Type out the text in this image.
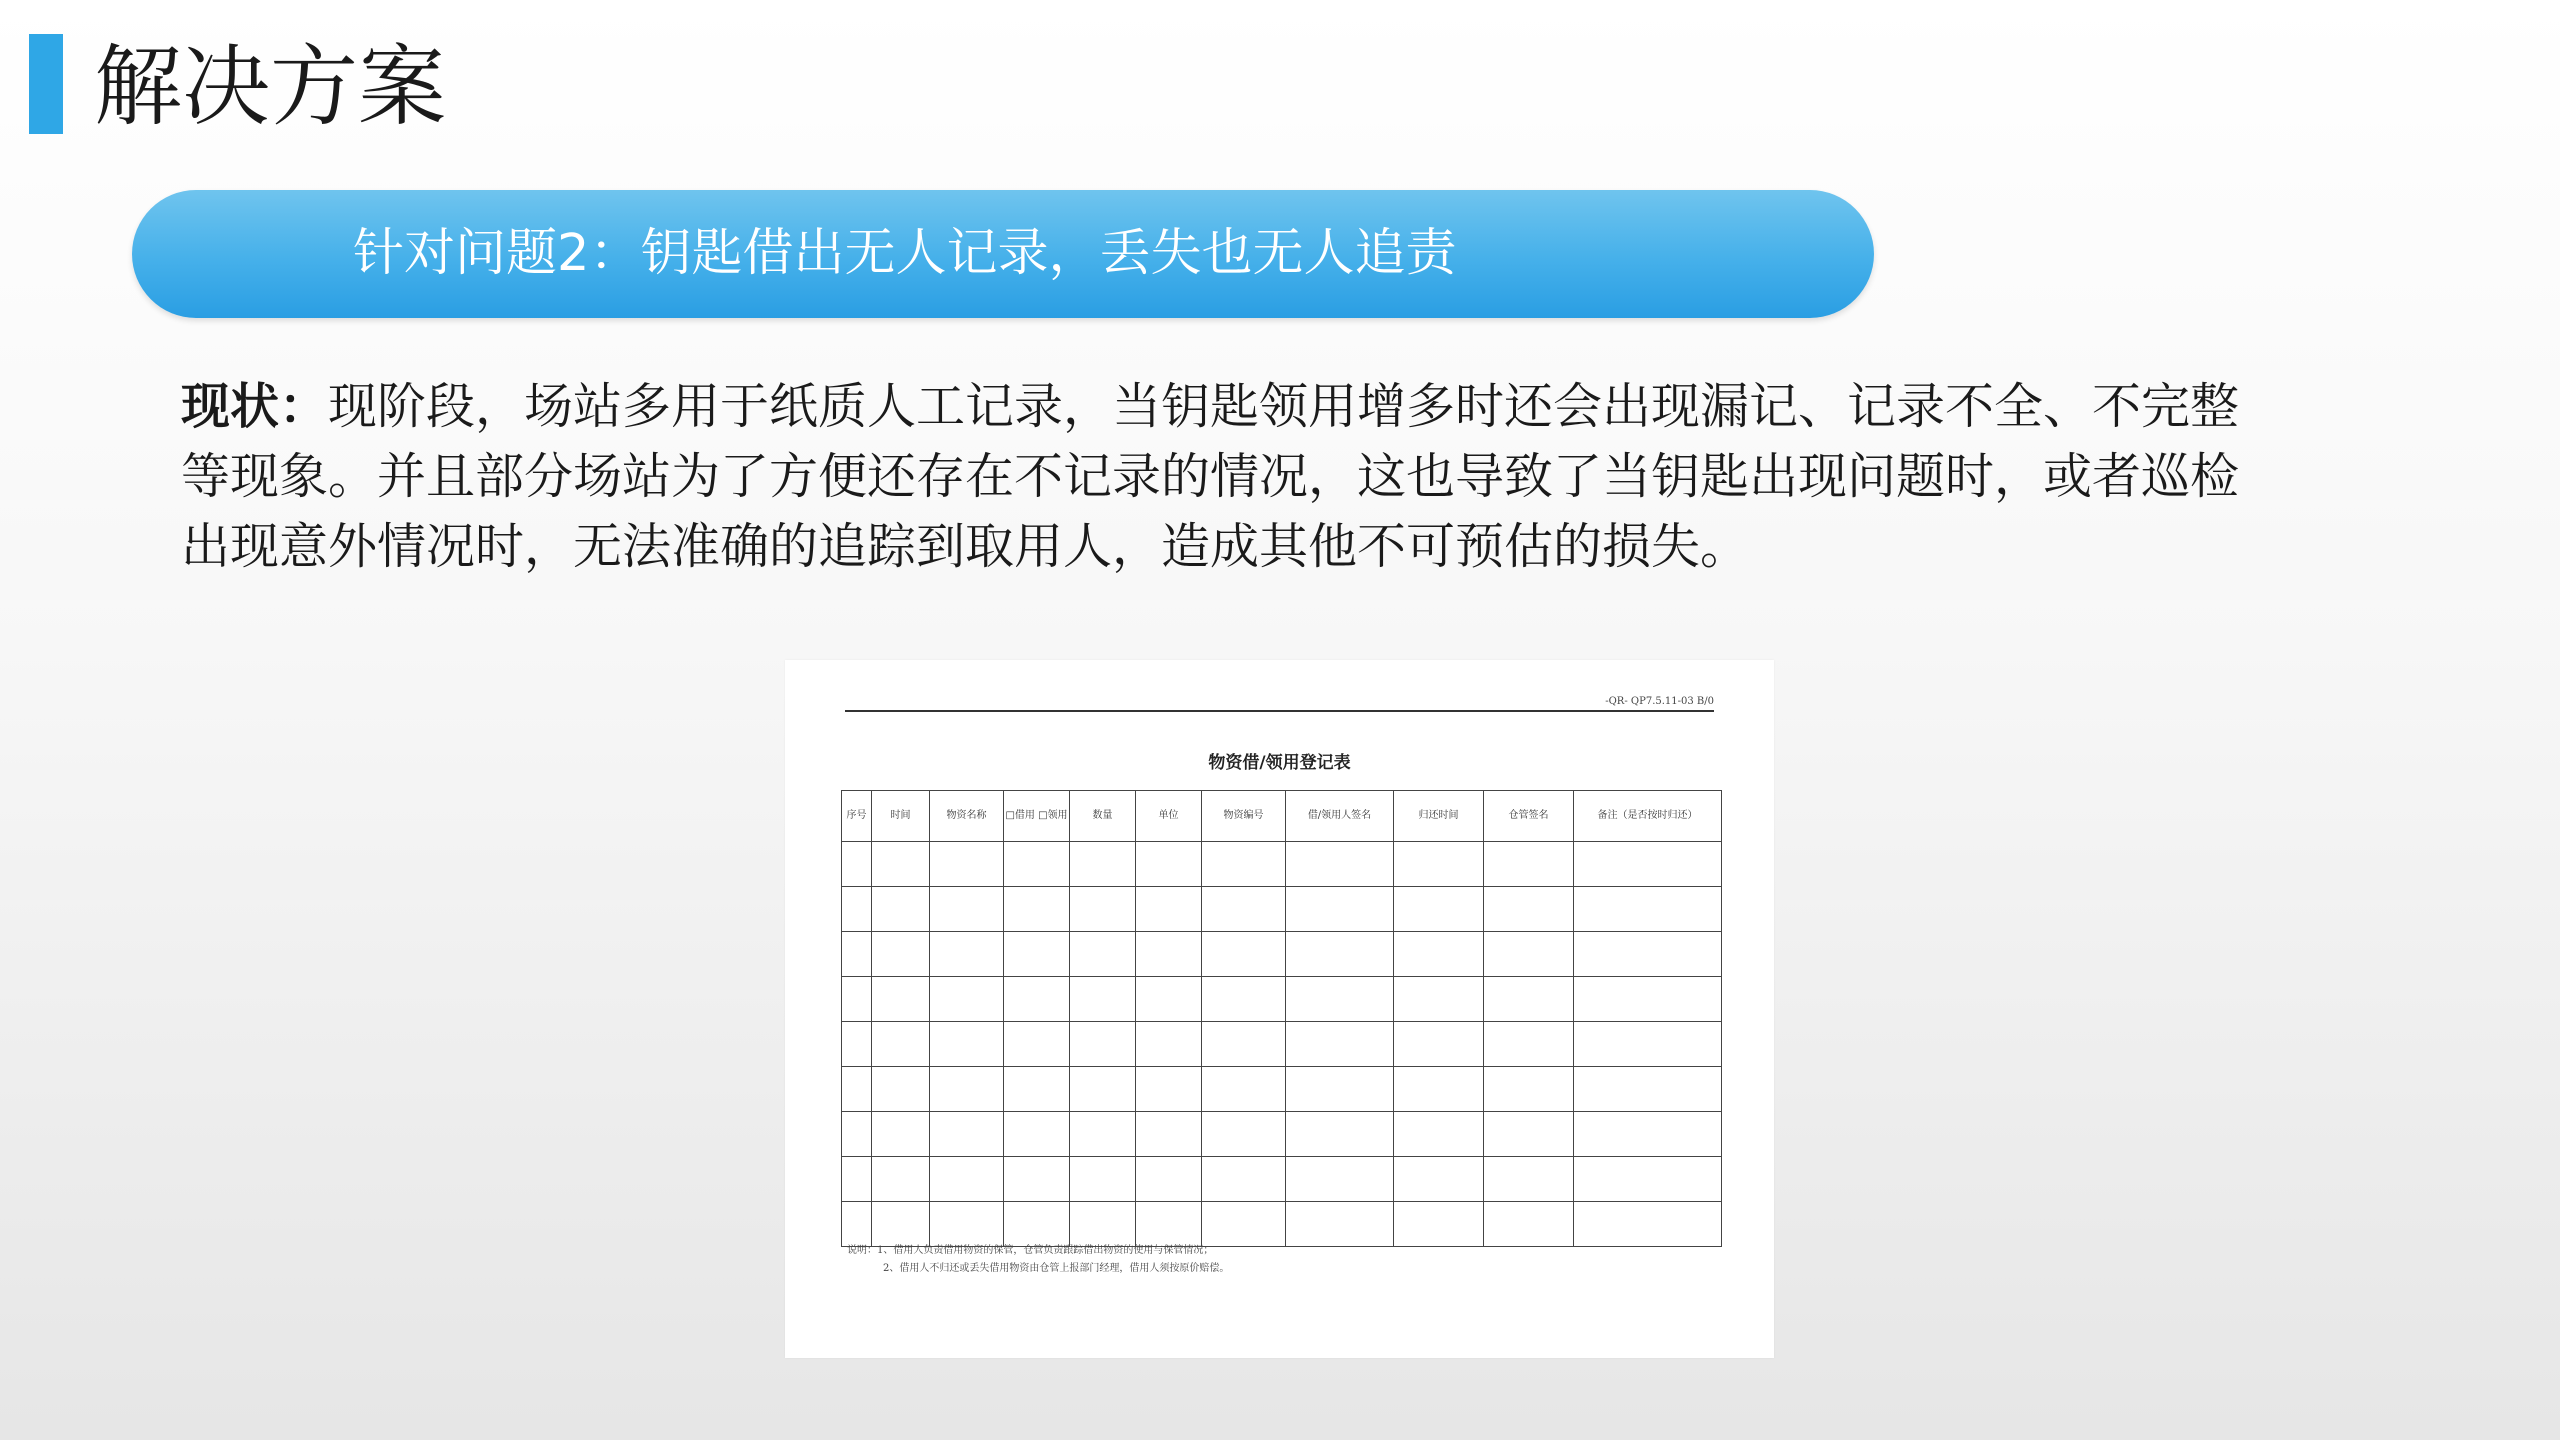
解决方案
针对问题2：钥匙借出无人记录，丢失也无人追责
现状：现阶段，场站多用于纸质人工记录，当钥匙领用增多时还会出现漏记、记录不全、不完整等现象。并且部分场站为了方便还存在不记录的情况，这也导致了当钥匙出现问题时，或者巡检出现意外情况时，无法准确的追踪到取用人，造成其他不可预估的损失。
-QR- QP7.5.11-03 B/0
物资借/领用登记表
序号	时间	物资名称	□借用 □领用	数量	单位	物资编号	借/领用人签名	归还时间	仓管签名	备注（是否按时归还）

说明：1、借用人负责借用物资的保管，仓管负责跟踪借出物资的使用与保管情况；
2、借用人不归还或丢失借用物资由仓管上报部门经理，借用人须按原价赔偿。
